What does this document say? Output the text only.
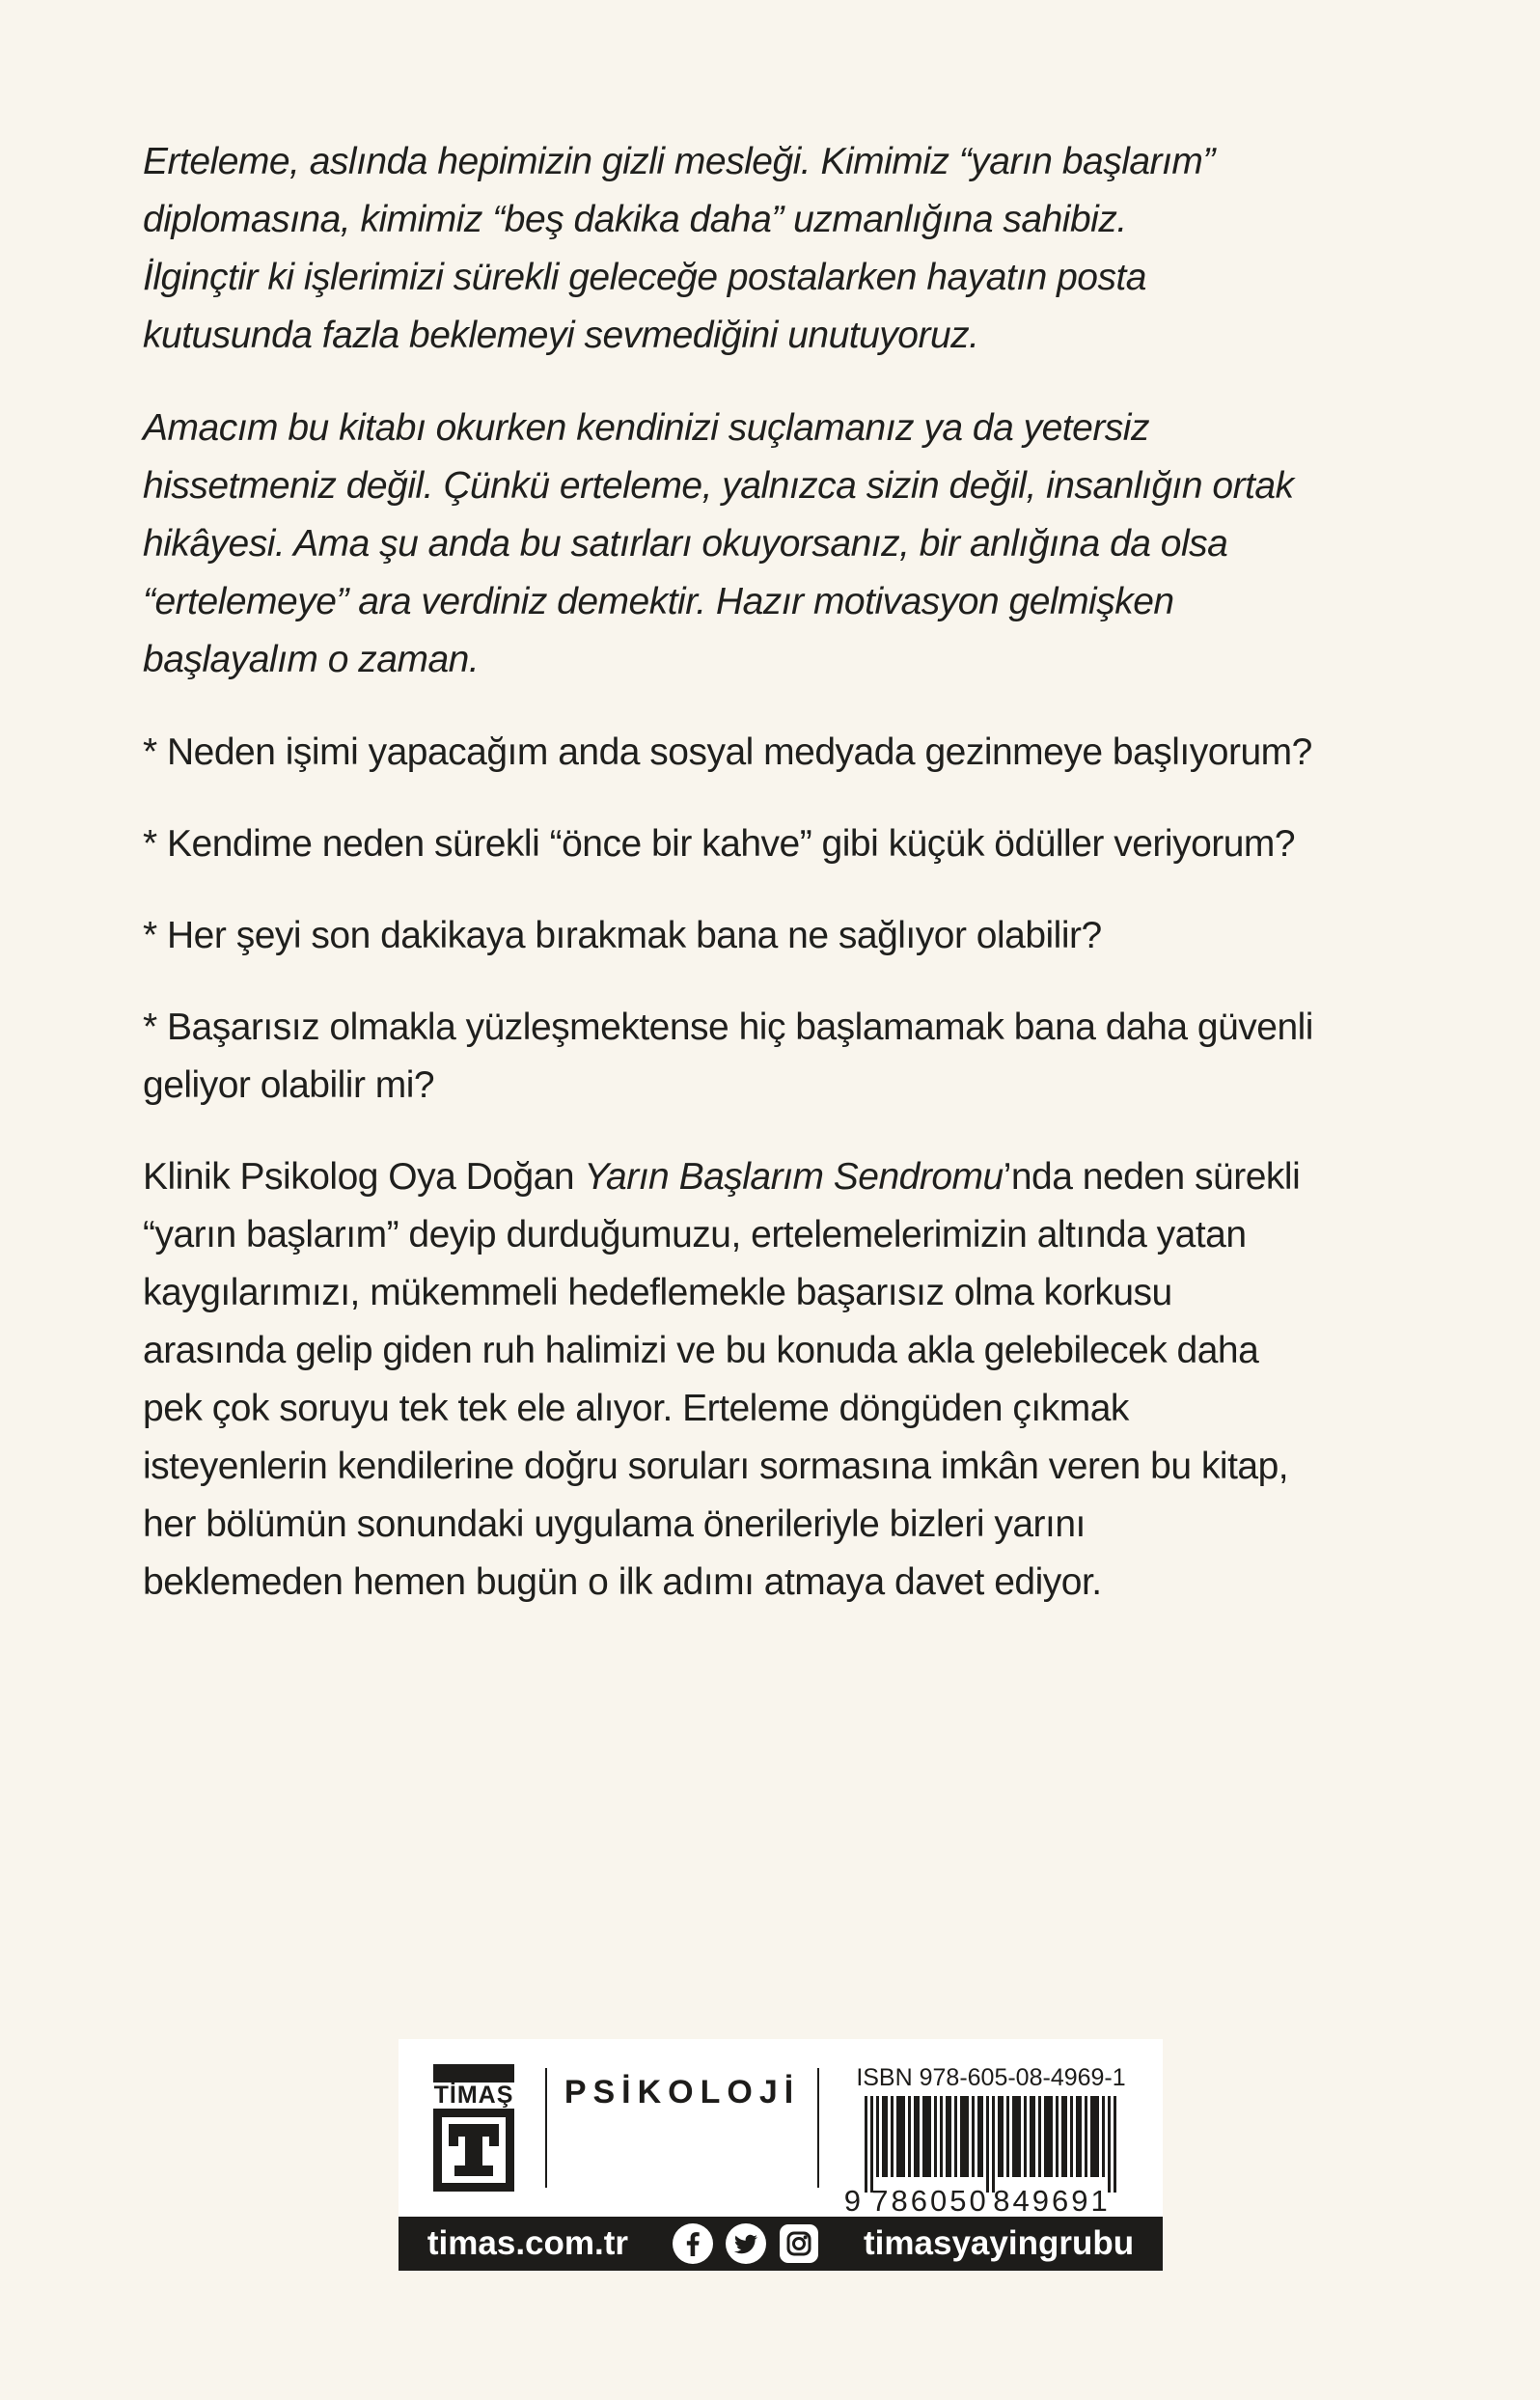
Erteleme, aslında hepimizin gizli mesleği. Kimimiz “yarın başlarım”
diplomasına, kimimiz “beş dakika daha” uzmanlığına sahibiz.
İlginçtir ki işlerimizi sürekli geleceğe postalarken hayatın posta
kutusunda fazla beklemeyi sevmediğini unutuyoruz.
Amacım bu kitabı okurken kendinizi suçlamanız ya da yetersiz
hissetmeniz değil. Çünkü erteleme, yalnızca sizin değil, insanlığın ortak
hikâyesi. Ama şu anda bu satırları okuyorsanız, bir anlığına da olsa
“ertelemeye” ara verdiniz demektir. Hazır motivasyon gelmişken
başlayalım o zaman.
* Neden işimi yapacağım anda sosyal medyada gezinmeye başlıyorum?
* Kendime neden sürekli “önce bir kahve” gibi küçük ödüller veriyorum?
* Her şeyi son dakikaya bırakmak bana ne sağlıyor olabilir?
* Başarısız olmakla yüzleşmektense hiç başlamamak bana daha güvenli
geliyor olabilir mi?
Klinik Psikolog Oya Doğan Yarın Başlarım Sendromu’nda neden sürekli
“yarın başlarım” deyip durduğumuzu, ertelemelerimizin altında yatan
kaygılarımızı, mükemmeli hedeflemekle başarısız olma korkusu
arasında gelip giden ruh halimizi ve bu konuda akla gelebilecek daha
pek çok soruyu tek tek ele alıyor. Erteleme döngüden çıkmak
isteyenlerin kendilerine doğru soruları sormasına imkân veren bu kitap,
her bölümün sonundaki uygulama önerileriyle bizleri yarını
beklemeden hemen bugün o ilk adımı atmaya davet ediyor.
TİMAŞ	PSİKOLOJİ	ISBN 978-605-08-4969-1
9 786050 849691
timas.com.tr	timasyayingrubu
